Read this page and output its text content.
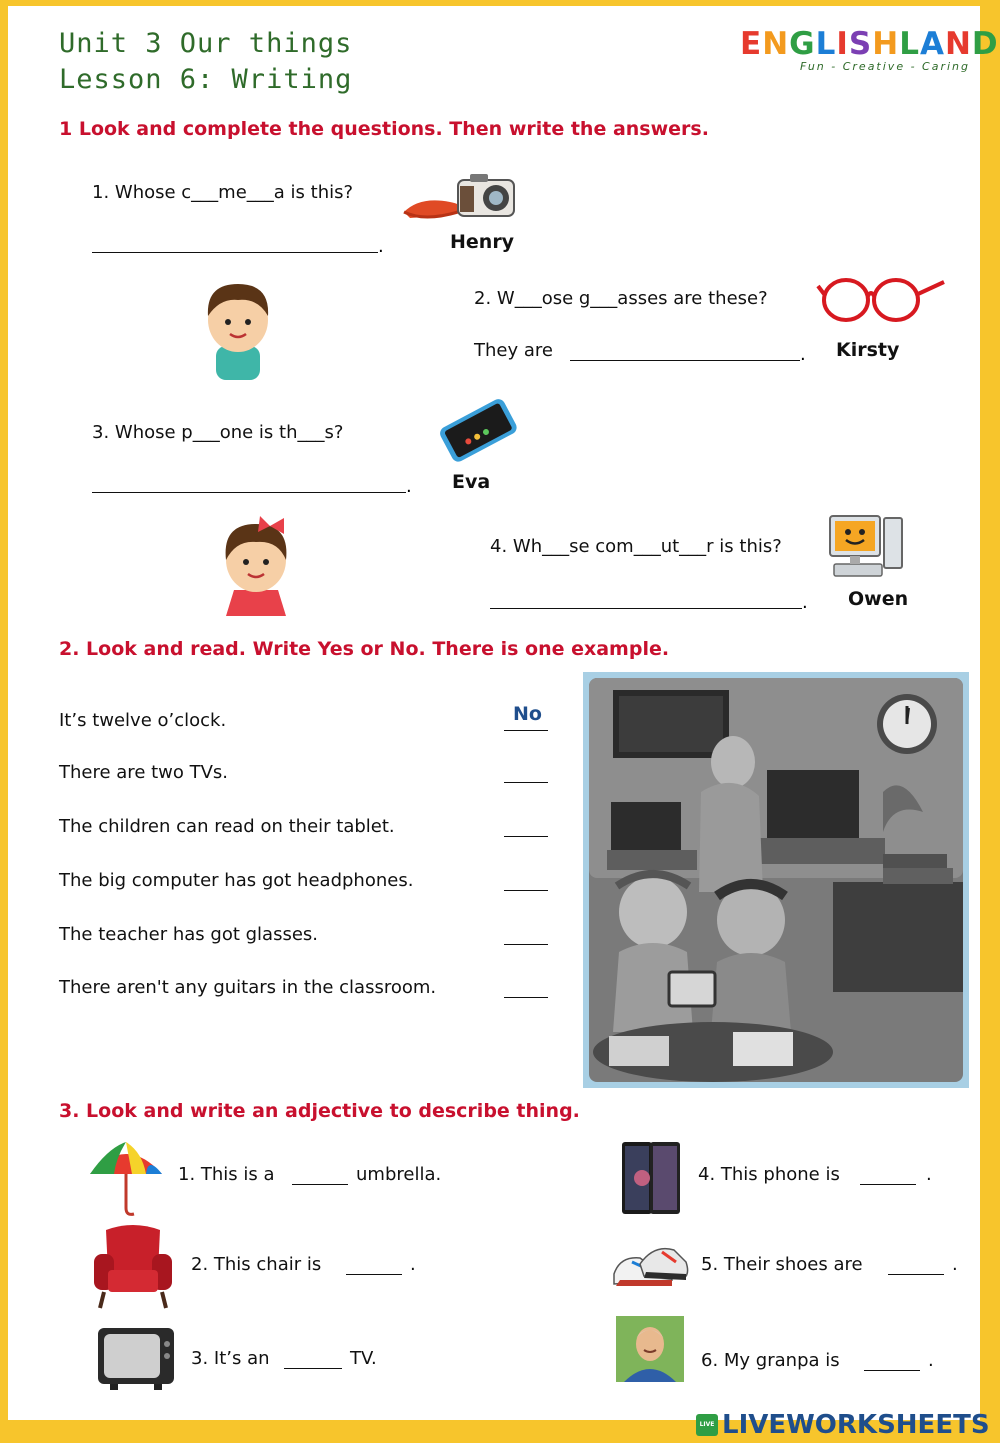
Unit 3 Our things
Lesson 6: Writing
ENGLISHLAND
Fun - Creative - Caring
1 Look and complete the questions. Then write the answers.
1. Whose c___me___a is this?
.	Henry
2. W___ose g___asses are these?
They are	. Kirsty
3. Whose p___one is th___s?
. Eva
4. Wh___se com___ut___r is this?
. Owen
2. Look and read. Write Yes or No. There is one example.
It’s twelve o’clock.	No
There are two TVs.
The children can read on their tablet.
The big computer has got headphones.
The teacher has got glasses.
There aren't any guitars in the classroom.
3. Look and write an adjective to describe thing.
1. This is a	umbrella.
2. This chair is	.
3. It’s an	TV.
4. This phone is	.
5. Their shoes are	.
6. My granpa is	.
LIVE LIVEWORKSHEETS
